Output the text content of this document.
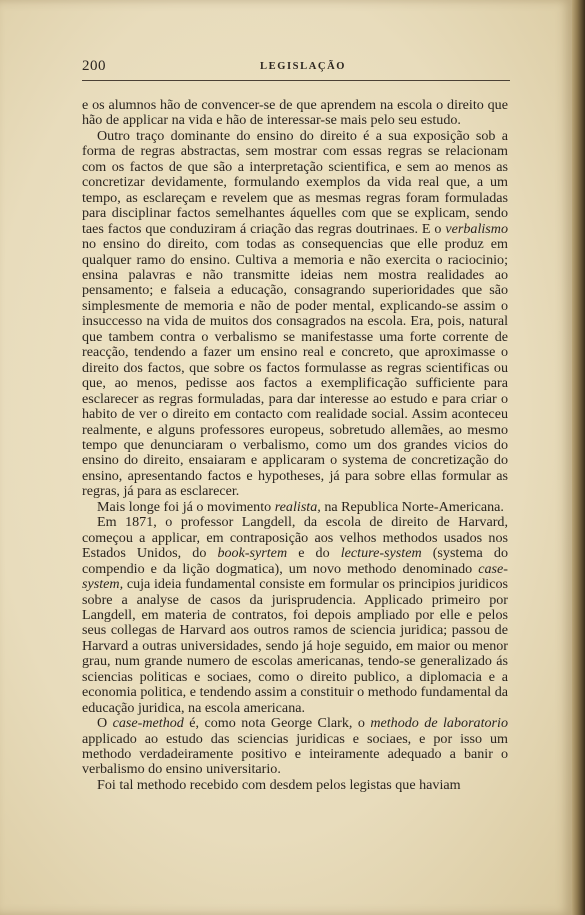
200	LEGISLAÇÃO

e os alumnos hão de convencer-se de que aprendem na escola o direito que hão de applicar na vida e hão de interessar-se mais pelo seu estudo.

Outro traço dominante do ensino do direito é a sua exposição sob a forma de regras abstractas, sem mostrar com essas regras se relacionam com os factos de que são a interpretação scientifica, e sem ao menos as concretizar devidamente, formulando exemplos da vida real que, a um tempo, as esclareçam e revelem que as mesmas regras foram formuladas para disciplinar factos semelhantes áquelles com que se explicam, sendo taes factos que conduziram á criação das regras doutrinaes. E o verbalismo no ensino do direito, com todas as consequencias que elle produz em qualquer ramo do ensino. Cultiva a memoria e não exercita o raciocinio; ensina palavras e não transmitte ideias nem mostra realidades ao pensamento; e falseia a educação, consagrando superioridades que são simplesmente de memoria e não de poder mental, explicando-se assim o insuccesso na vida de muitos dos consagrados na escola. Era, pois, natural que tambem contra o verbalismo se manifestasse uma forte corrente de reacção, tendendo a fazer um ensino real e concreto, que aproximasse o direito dos factos, que sobre os factos formulasse as regras scientificas ou que, ao menos, pedisse aos factos a exemplificação sufficiente para esclarecer as regras formuladas, para dar interesse ao estudo e para criar o habito de ver o direito em contacto com realidade social. Assim aconteceu realmente, e alguns professores europeus, sobretudo allemães, ao mesmo tempo que denunciaram o verbalismo, como um dos grandes vicios do ensino do direito, ensaiaram e applicaram o systema de concretização do ensino, apresentando factos e hypotheses, já para sobre ellas formular as regras, já para as esclarecer.

Mais longe foi já o movimento realista, na Republica Norte-Americana.

Em 1871, o professor Langdell, da escola de direito de Harvard, começou a applicar, em contraposição aos velhos methodos usados nos Estados Unidos, do book-syrtem e do lecture-system (systema do compendio e da lição dogmatica), um novo methodo denominado case-system, cuja ideia fundamental consiste em formular os principios juridicos sobre a analyse de casos da jurisprudencia. Applicado primeiro por Langdell, em materia de contratos, foi depois ampliado por elle e pelos seus collegas de Harvard aos outros ramos de sciencia juridica; passou de Harvard a outras universidades, sendo já hoje seguido, em maior ou menor grau, num grande numero de escolas americanas, tendo-se generalizado ás sciencias politicas e sociaes, como o direito publico, a diplomacia e a economia politica, e tendendo assim a constituir o methodo fundamental da educação juridica, na escola americana.

O case-method é, como nota George Clark, o methodo de laboratorio applicado ao estudo das sciencias juridicas e sociaes, e por isso um methodo verdadeiramente positivo e inteiramente adequado a banir o verbalismo do ensino universitario.

Foi tal methodo recebido com desdem pelos legistas que haviam
